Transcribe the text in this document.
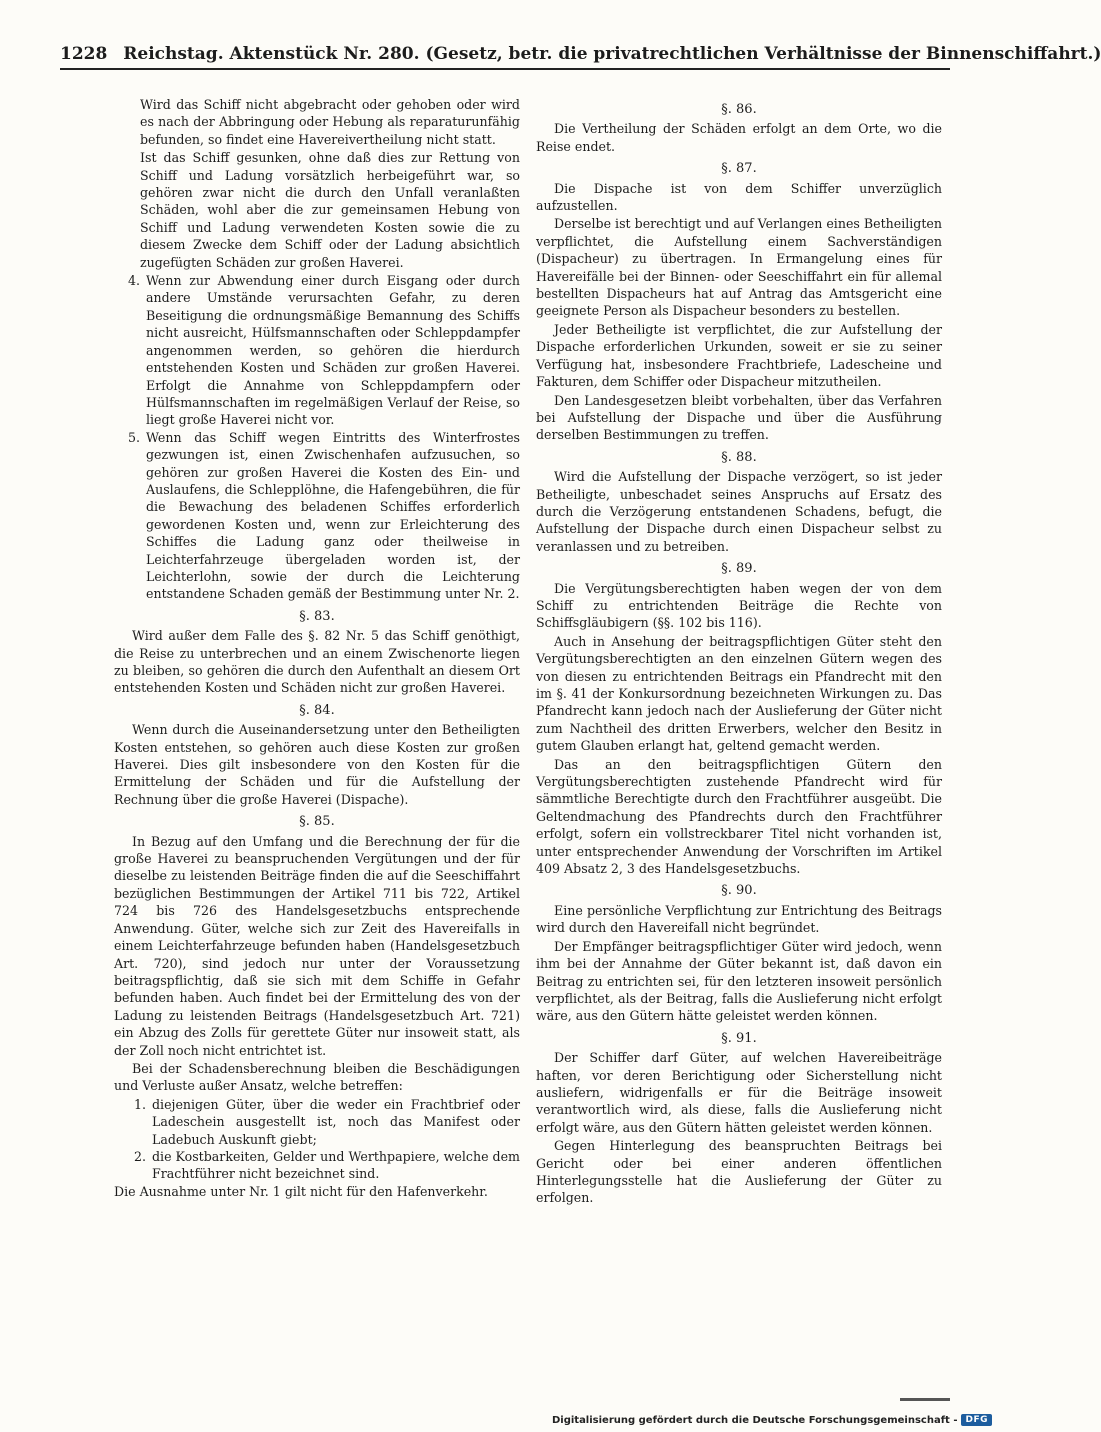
1228 Reichstag. Aktenstück Nr. 280. (Gesetz, betr. die privatrechtlichen Verhältnisse der Binnenschiffahrt.)

Wird das Schiff nicht abgebracht oder gehoben oder wird es nach der Abbringung oder Hebung als reparaturunfähig befunden, so findet eine Havereivertheilung nicht statt.

Ist das Schiff gesunken, ohne daß dies zur Rettung von Schiff und Ladung vorsätzlich herbeigeführt war, so gehören zwar nicht die durch den Unfall veranlaßten Schäden, wohl aber die zur gemeinsamen Hebung von Schiff und Ladung verwendeten Kosten sowie die zu diesem Zwecke dem Schiff oder der Ladung absichtlich zugefügten Schäden zur großen Haverei.

4. Wenn zur Abwendung einer durch Eisgang oder durch andere Umstände verursachten Gefahr, zu deren Beseitigung die ordnungsmäßige Bemannung des Schiffs nicht ausreicht, Hülfsmannschaften oder Schleppdampfer angenommen werden, so gehören die hierdurch entstehenden Kosten und Schäden zur großen Haverei. Erfolgt die Annahme von Schleppdampfern oder Hülfsmannschaften im regelmäßigen Verlauf der Reise, so liegt große Haverei nicht vor.
5. Wenn das Schiff wegen Eintritts des Winterfrostes gezwungen ist, einen Zwischenhafen aufzusuchen, so gehören zur großen Haverei die Kosten des Ein- und Auslaufens, die Schlepplöhne, die Hafengebühren, die für die Bewachung des beladenen Schiffes erforderlich gewordenen Kosten und, wenn zur Erleichterung des Schiffes die Ladung ganz oder theilweise in Leichterfahrzeuge übergeladen worden ist, der Leichterlohn, sowie der durch die Leichterung entstandene Schaden gemäß der Bestimmung unter Nr. 2.
§. 83.

Wird außer dem Falle des §. 82 Nr. 5 das Schiff genöthigt, die Reise zu unterbrechen und an einem Zwischenorte liegen zu bleiben, so gehören die durch den Aufenthalt an diesem Ort entstehenden Kosten und Schäden nicht zur großen Haverei.

§. 84.

Wenn durch die Auseinandersetzung unter den Betheiligten Kosten entstehen, so gehören auch diese Kosten zur großen Haverei. Dies gilt insbesondere von den Kosten für die Ermittelung der Schäden und für die Aufstellung der Rechnung über die große Haverei (Dispache).

§. 85.

In Bezug auf den Umfang und die Berechnung der für die große Haverei zu beanspruchenden Vergütungen und der für dieselbe zu leistenden Beiträge finden die auf die Seeschiffahrt bezüglichen Bestimmungen der Artikel 711 bis 722, Artikel 724 bis 726 des Handelsgesetzbuchs entsprechende Anwendung. Güter, welche sich zur Zeit des Havereifalls in einem Leichterfahrzeuge befunden haben (Handelsgesetzbuch Art. 720), sind jedoch nur unter der Voraussetzung beitragspflichtig, daß sie sich mit dem Schiffe in Gefahr befunden haben. Auch findet bei der Ermittelung des von der Ladung zu leistenden Beitrags (Handelsgesetzbuch Art. 721) ein Abzug des Zolls für gerettete Güter nur insoweit statt, als der Zoll noch nicht entrichtet ist.

Bei der Schadensberechnung bleiben die Beschädigungen und Verluste außer Ansatz, welche betreffen:

1. diejenigen Güter, über die weder ein Frachtbrief oder Ladeschein ausgestellt ist, noch das Manifest oder Ladebuch Auskunft giebt;
2. die Kostbarkeiten, Gelder und Werthpapiere, welche dem Frachtführer nicht bezeichnet sind.

Die Ausnahme unter Nr. 1 gilt nicht für den Hafenverkehr.

§. 86.

Die Vertheilung der Schäden erfolgt an dem Orte, wo die Reise endet.

§. 87.

Die Dispache ist von dem Schiffer unverzüglich aufzustellen.

Derselbe ist berechtigt und auf Verlangen eines Betheiligten verpflichtet, die Aufstellung einem Sachverständigen (Dispacheur) zu übertragen. In Ermangelung eines für Havereifälle bei der Binnen- oder Seeschiffahrt ein für allemal bestellten Dispacheurs hat auf Antrag das Amtsgericht eine geeignete Person als Dispacheur besonders zu bestellen.

Jeder Betheiligte ist verpflichtet, die zur Aufstellung der Dispache erforderlichen Urkunden, soweit er sie zu seiner Verfügung hat, insbesondere Frachtbriefe, Ladescheine und Fakturen, dem Schiffer oder Dispacheur mitzutheilen.

Den Landesgesetzen bleibt vorbehalten, über das Verfahren bei Aufstellung der Dispache und über die Ausführung derselben Bestimmungen zu treffen.

§. 88.

Wird die Aufstellung der Dispache verzögert, so ist jeder Betheiligte, unbeschadet seines Anspruchs auf Ersatz des durch die Verzögerung entstandenen Schadens, befugt, die Aufstellung der Dispache durch einen Dispacheur selbst zu veranlassen und zu betreiben.

§. 89.

Die Vergütungsberechtigten haben wegen der von dem Schiff zu entrichtenden Beiträge die Rechte von Schiffsgläubigern (§§. 102 bis 116).

Auch in Ansehung der beitragspflichtigen Güter steht den Vergütungsberechtigten an den einzelnen Gütern wegen des von diesen zu entrichtenden Beitrags ein Pfandrecht mit den im §. 41 der Konkursordnung bezeichneten Wirkungen zu. Das Pfandrecht kann jedoch nach der Auslieferung der Güter nicht zum Nachtheil des dritten Erwerbers, welcher den Besitz in gutem Glauben erlangt hat, geltend gemacht werden.

Das an den beitragspflichtigen Gütern den Vergütungsberechtigten zustehende Pfandrecht wird für sämmtliche Berechtigte durch den Frachtführer ausgeübt. Die Geltendmachung des Pfandrechts durch den Frachtführer erfolgt, sofern ein vollstreckbarer Titel nicht vorhanden ist, unter entsprechender Anwendung der Vorschriften im Artikel 409 Absatz 2, 3 des Handelsgesetzbuchs.

§. 90.

Eine persönliche Verpflichtung zur Entrichtung des Beitrags wird durch den Havereifall nicht begründet.

Der Empfänger beitragspflichtiger Güter wird jedoch, wenn ihm bei der Annahme der Güter bekannt ist, daß davon ein Beitrag zu entrichten sei, für den letzteren insoweit persönlich verpflichtet, als der Beitrag, falls die Auslieferung nicht erfolgt wäre, aus den Gütern hätte geleistet werden können.

§. 91.

Der Schiffer darf Güter, auf welchen Havereibeiträge haften, vor deren Berichtigung oder Sicherstellung nicht ausliefern, widrigenfalls er für die Beiträge insoweit verantwortlich wird, als diese, falls die Auslieferung nicht erfolgt wäre, aus den Gütern hätten geleistet werden können.

Gegen Hinterlegung des beanspruchten Beitrags bei Gericht oder bei einer anderen öffentlichen Hinterlegungsstelle hat die Auslieferung der Güter zu erfolgen.

Digitalisierung gefördert durch die Deutsche Forschungsgemeinschaft - DFG
